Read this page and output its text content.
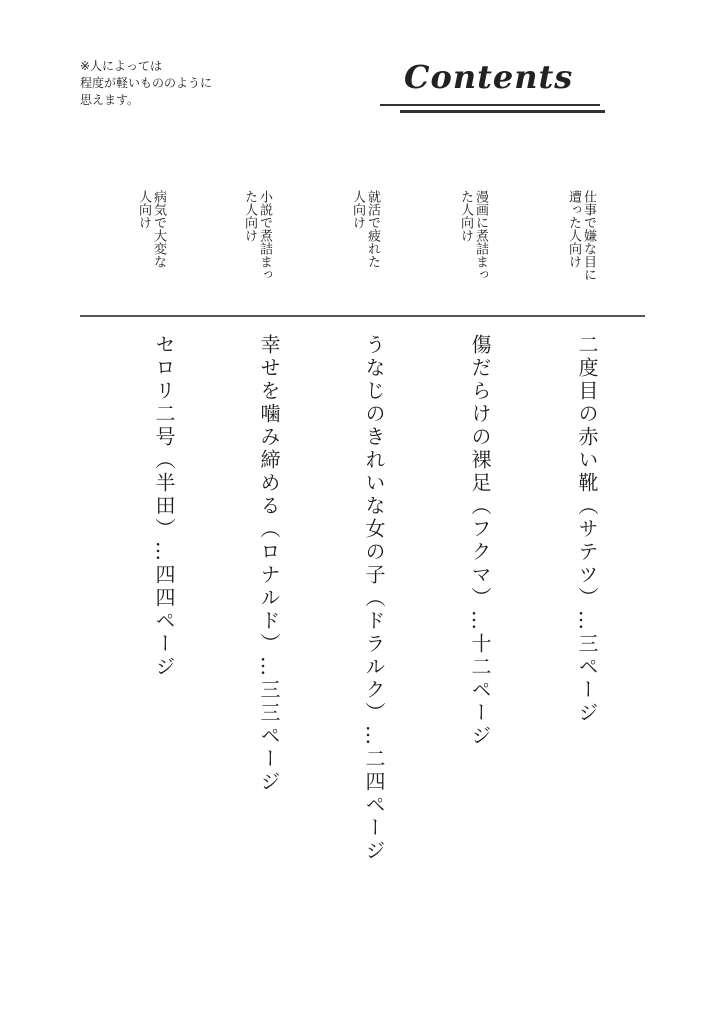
※人によっては
程度が軽いもののように
思えます。
Contents
仕事で嫌な目に
遭った人向け
漫画に煮詰まっ
た人向け
就活で疲れた
人向け
小説で煮詰まっ
た人向け
病気で大変な
人向け
二度目の赤い靴（サテツ）…三ページ
傷だらけの裸足（フクマ）…十二ページ
うなじのきれいな女の子（ドラルク）…二四ページ
幸せを噛み締める（ロナルド）…三三ページ
セロリ二号（半田）…四四ページ
